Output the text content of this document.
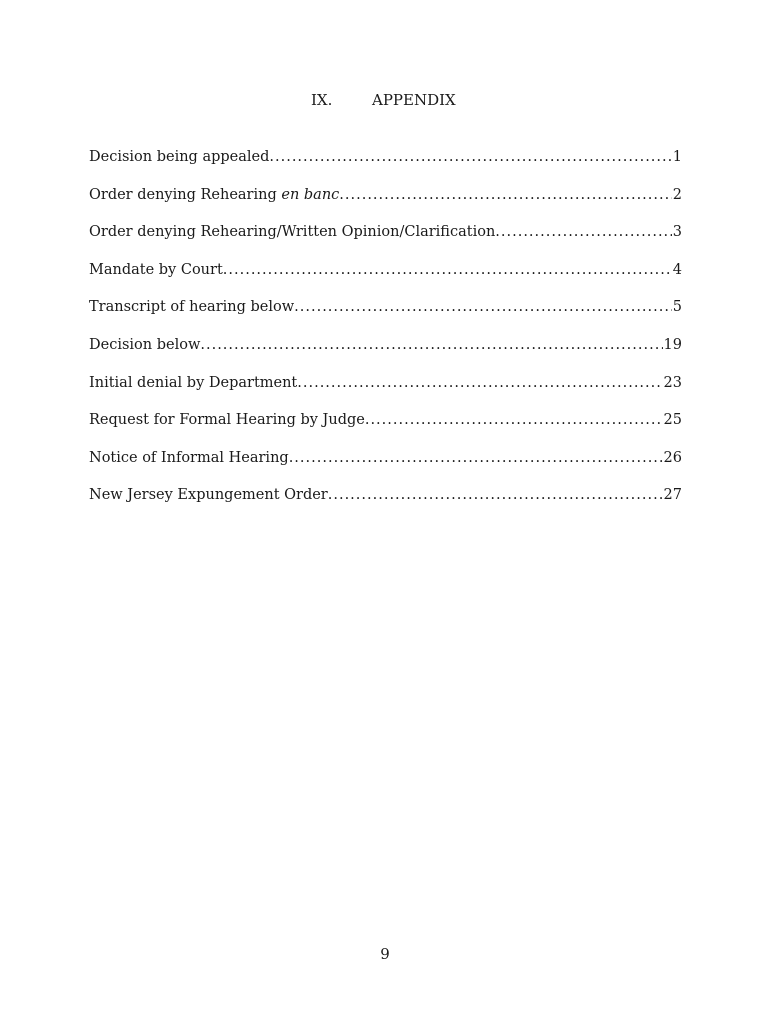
IX.	APPENDIX
Decision being appealed .....	1
Order denying Rehearing en banc .....	2
Order denying Rehearing/Written Opinion/Clarification .....	3
Mandate by Court .....	4
Transcript of hearing below .....	5
Decision below .....	19
Initial denial by Department .....	23
Request for Formal Hearing by Judge .....	25
Notice of Informal Hearing .....	26
New Jersey Expungement Order .....	27
9
